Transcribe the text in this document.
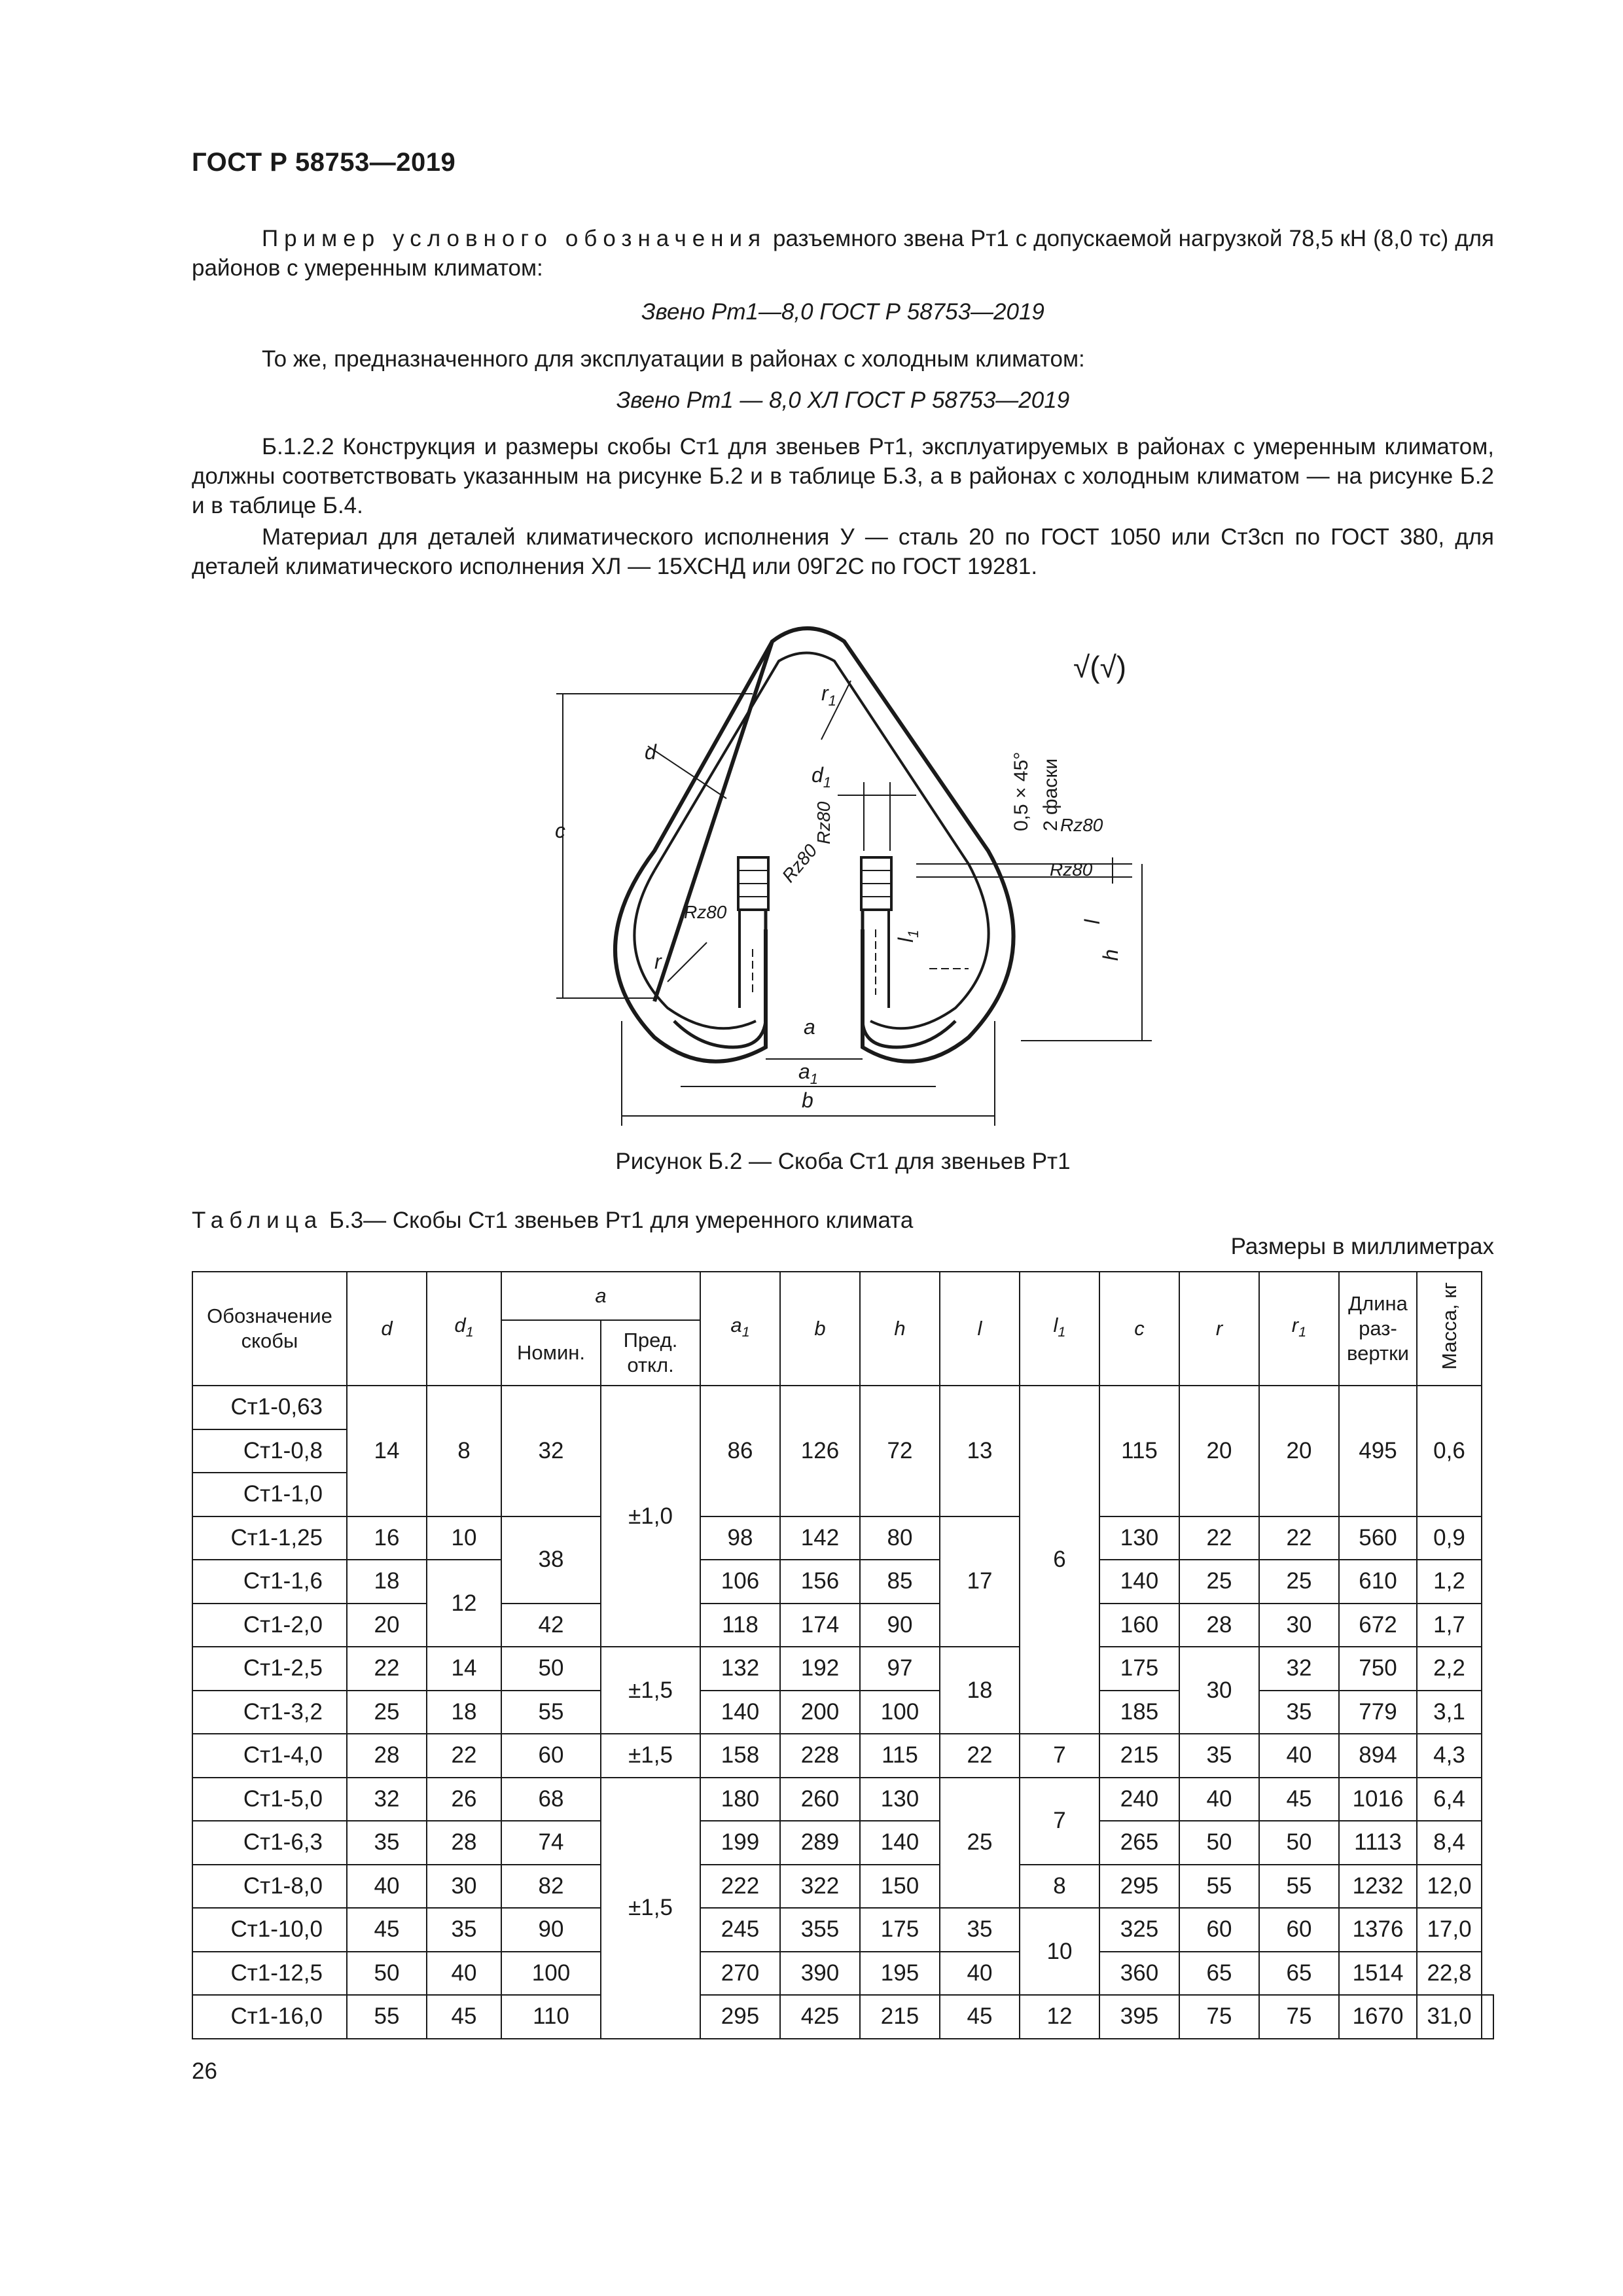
ГОСТ Р 58753—2019
Пример условного обозначения разъемного звена Рт1 с допускаемой нагрузкой 78,5 кН (8,0 тс) для районов с умеренным климатом:
Звено Рт1—8,0 ГОСТ Р 58753—2019
То же, предназначенного для эксплуатации в районах с холодным климатом:
Звено Рт1 — 8,0 ХЛ ГОСТ Р 58753—2019
Б.1.2.2 Конструкция и размеры скобы Ст1 для звеньев Рт1, эксплуатируемых в районах с умеренным климатом, должны соответствовать указанным на рисунке Б.2 и в таблице Б.3, а в районах с холодным климатом — на рисунке Б.2 и в таблице Б.4.
Материал для деталей климатического исполнения У — сталь 20 по ГОСТ 1050 или Ст3сп по ГОСТ 380, для деталей климатического исполнения ХЛ — 15ХСНД или 09Г2С по ГОСТ 19281.
√(√)
d
$d_1$
c
$r_1$
r
Rz80
Rz80
Rz80
Rz80
Rz80
0,5 × 45° 2 фаски
l
$l_1$
h
a
$a_1$
b
Рисунок Б.2 — Скоба Ст1 для звеньев Рт1
Таблица Б.3— Скобы Ст1 звеньев Рт1 для умеренного климата
Размеры в миллиметрах
Обозначение скобы	d	$d_1$	a		$a_1$	b	h	l	$l_1$	c	r	$r_1$	Длина раз-вертки	Масса, кг	
			Номин.	Пред. откл.											
Ст1-0,63	14	8	32	±1,0	86	126	72	13	6	115	20	20	495	0,6	
Ст1-0,8															
Ст1-1,0															
Ст1-1,25	16	10	38		98	142	80	17		130	22	22	560	0,9	
Ст1-1,6	18	12			106	156	85			140	25	25	610	1,2	
Ст1-2,0	20		42		118	174	90			160	28	30	672	1,7	
Ст1-2,5	22	14	50	±1,5	132	192	97	18		175	30	32	750	2,2	
Ст1-3,2	25	18	55		140	200	100			185		35	779	3,1	
Ст1-4,0	28	22	60	±1,5	158	228	115	22	7	215	35	40	894	4,3	
Ст1-5,0	32	26	68	±1,5	180	260	130	25	7	240	40	45	1016	6,4	
Ст1-6,3	35	28	74		199	289	140			265	50	50	1113	8,4	
Ст1-8,0	40	30	82		222	322	150		8	295	55	55	1232	12,0	
Ст1-10,0	45	35	90		245	355	175	35	10	325	60	60	1376	17,0	
Ст1-12,5	50	40	100		270	390	195	40		360	65	65	1514	22,8	
Ст1-16,0	55	45	110		295	425	215	45	12	395	75	75	1670	31,0	
26
